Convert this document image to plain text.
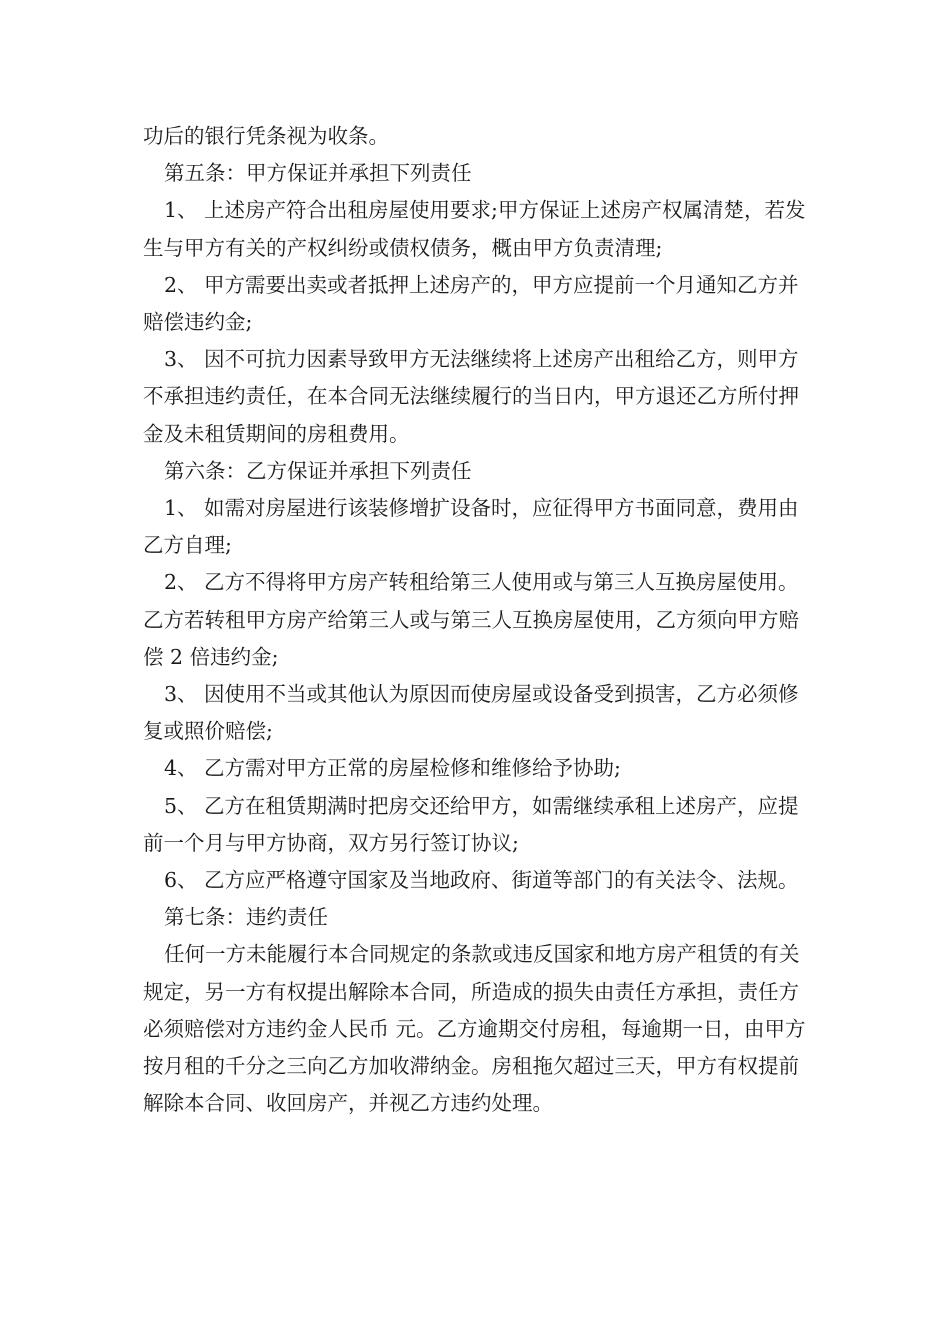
功后的银行凭条视为收条。

第五条：甲方保证并承担下列责任

1、 上述房产符合出租房屋使用要求;甲方保证上述房产权属清楚，若发生与甲方有关的产权纠纷或债权债务，概由甲方负责清理;

2、 甲方需要出卖或者抵押上述房产的，甲方应提前一个月通知乙方并赔偿违约金;

3、 因不可抗力因素导致甲方无法继续将上述房产出租给乙方，则甲方不承担违约责任，在本合同无法继续履行的当日内，甲方退还乙方所付押金及未租赁期间的房租费用。

第六条：乙方保证并承担下列责任

1、 如需对房屋进行该装修增扩设备时，应征得甲方书面同意，费用由乙方自理;

2、 乙方不得将甲方房产转租给第三人使用或与第三人互换房屋使用。乙方若转租甲方房产给第三人或与第三人互换房屋使用，乙方须向甲方赔偿 2 倍违约金;

3、 因使用不当或其他认为原因而使房屋或设备受到损害，乙方必须修复或照价赔偿;

4、 乙方需对甲方正常的房屋检修和维修给予协助;

5、 乙方在租赁期满时把房交还给甲方，如需继续承租上述房产，应提前一个月与甲方协商，双方另行签订协议;

6、 乙方应严格遵守国家及当地政府、街道等部门的有关法令、法规。

第七条：违约责任

任何一方未能履行本合同规定的条款或违反国家和地方房产租赁的有关规定，另一方有权提出解除本合同，所造成的损失由责任方承担，责任方必须赔偿对方违约金人民币 元。乙方逾期交付房租，每逾期一日，由甲方按月租的千分之三向乙方加收滞纳金。房租拖欠超过三天，甲方有权提前解除本合同、收回房产，并视乙方违约处理。
